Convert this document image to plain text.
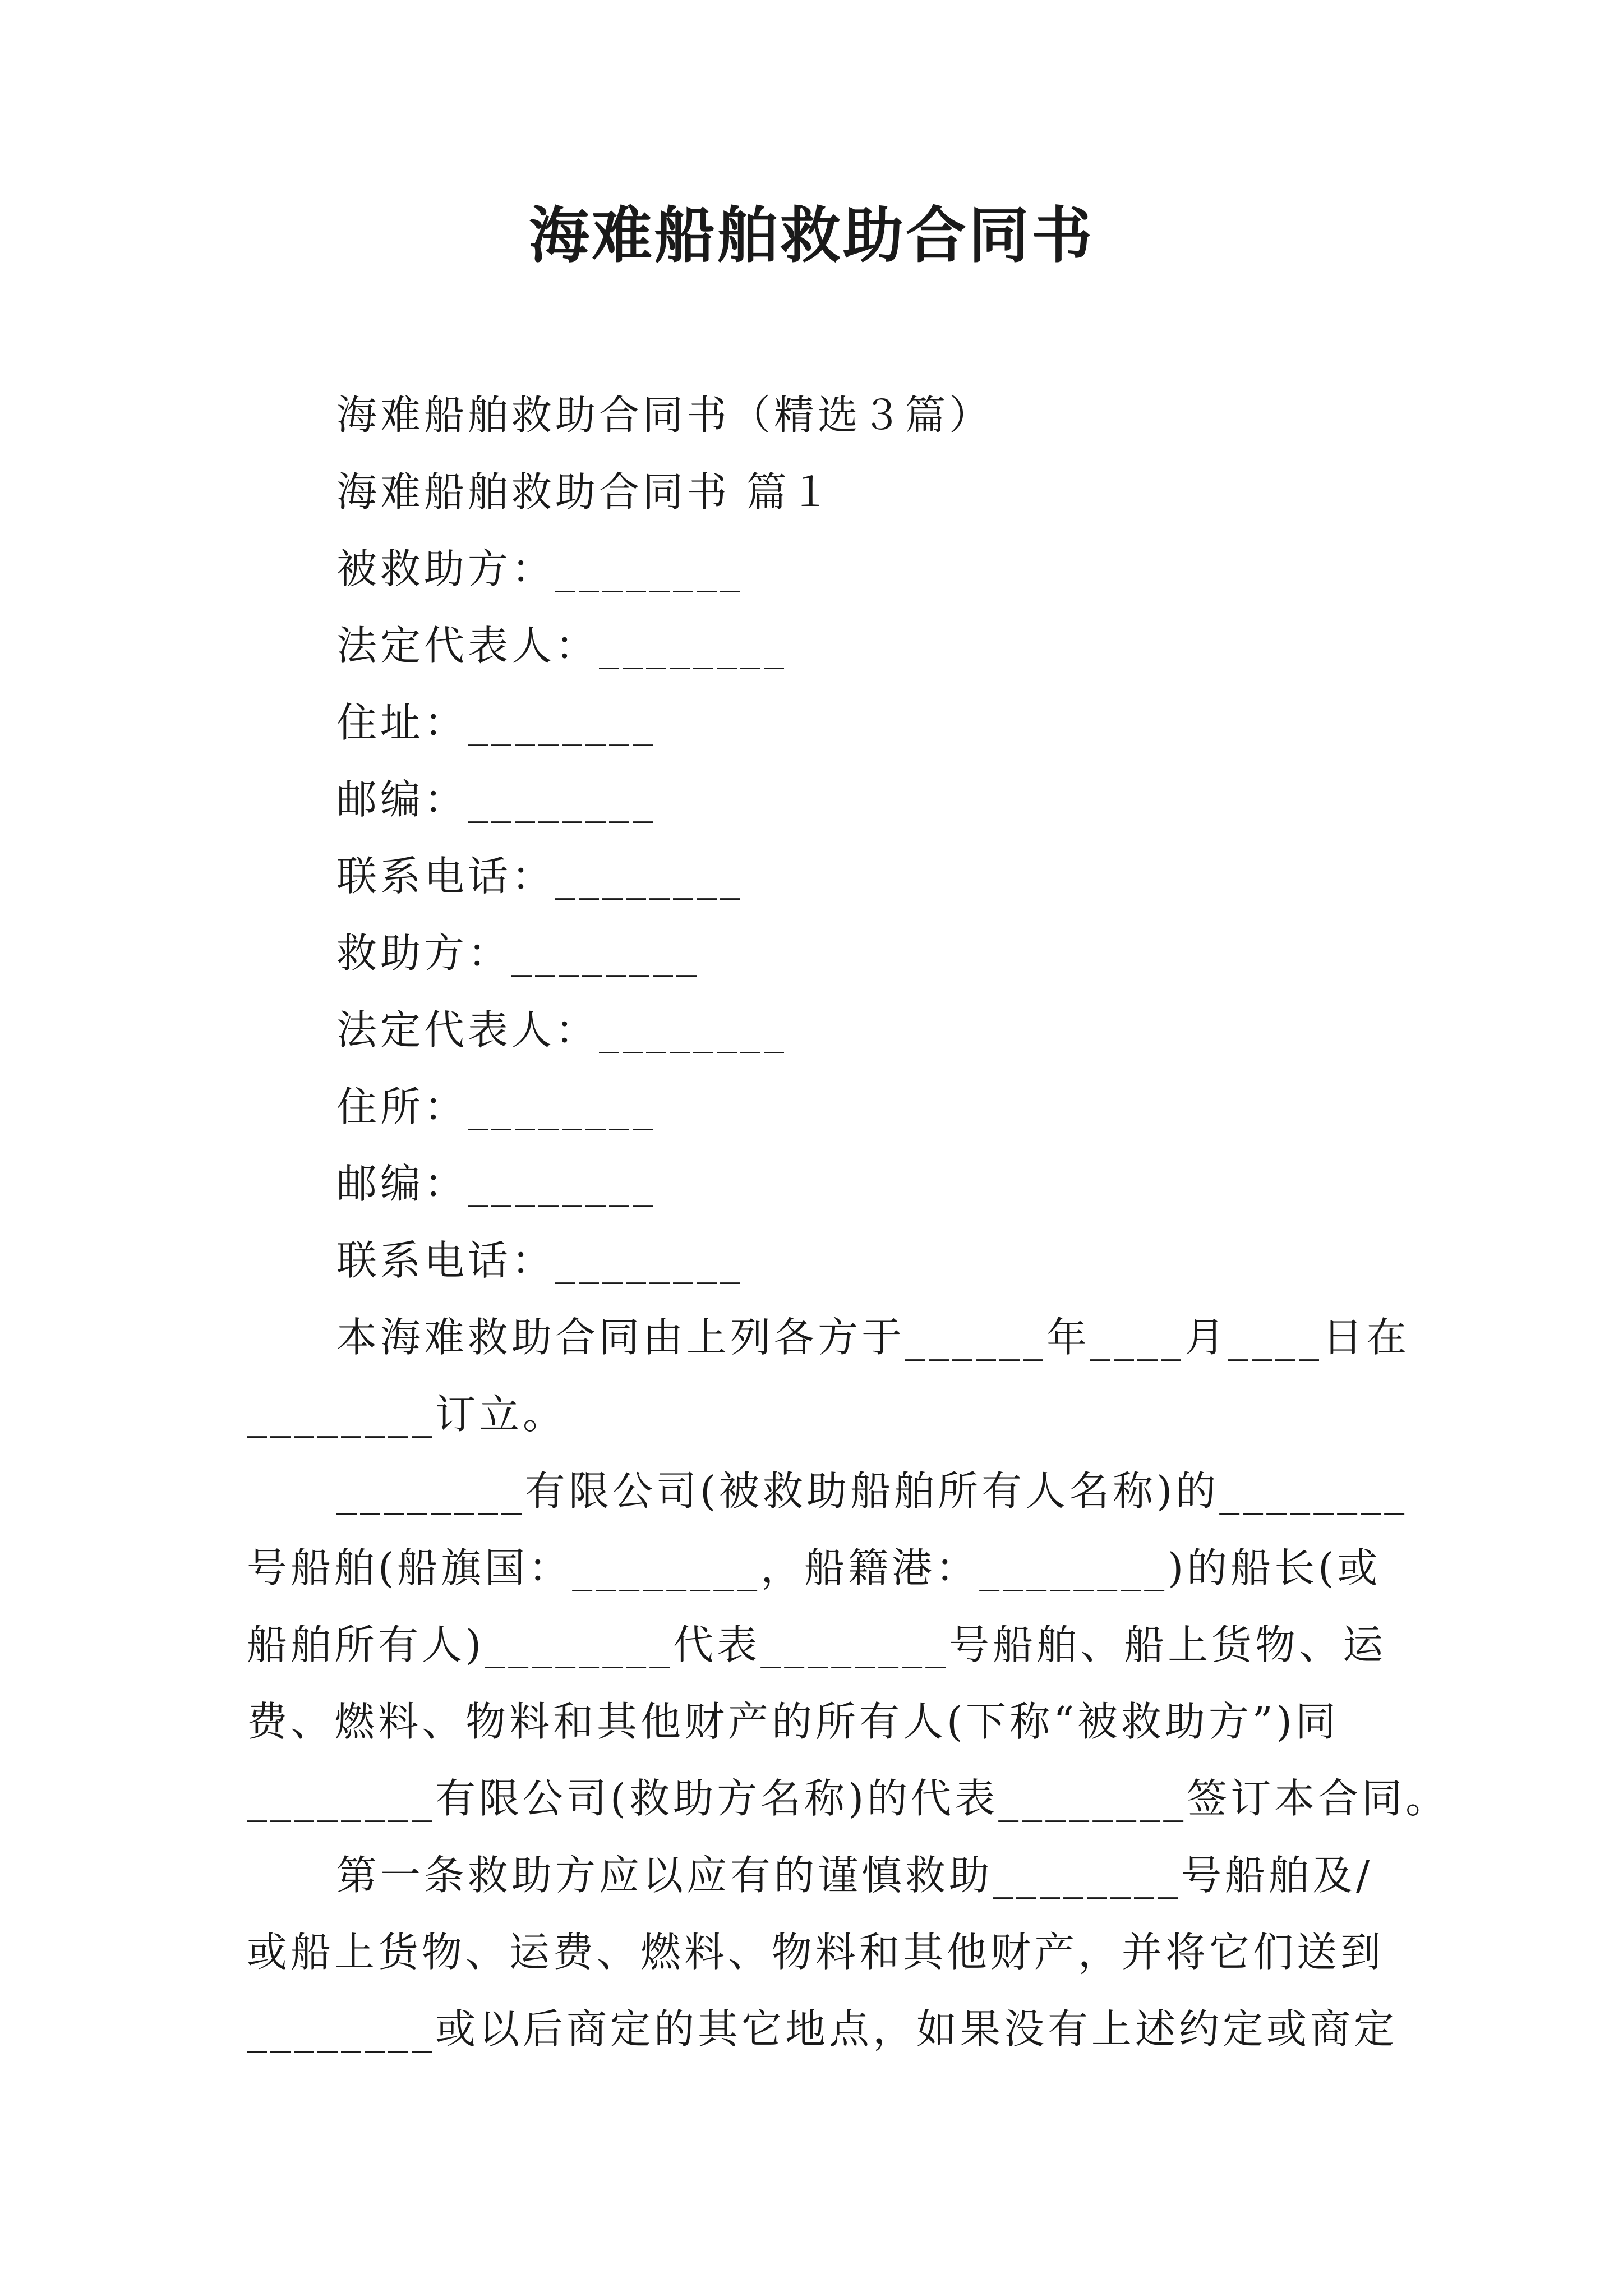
海难船舶救助合同书
海难船舶救助合同书（精选３篇）
海难船舶救助合同书 篇１
被救助方：________
法定代表人：________
住址：________
邮编：________
联系电话：________
救助方：________
法定代表人：________
住所：________
邮编：________
联系电话：________
本海难救助合同由上列各方于______年____月____日在
________订立。
________有限公司(被救助船舶所有人名称)的________
号船舶(船旗国：________，船籍港：________)的船长(或
船舶所有人)________代表________号船舶、船上货物、运
费、燃料、物料和其他财产的所有人(下称“被救助方”)同
________有限公司(救助方名称)的代表________签订本合同。
第一条救助方应以应有的谨慎救助________号船舶及/
或船上货物、运费、燃料、物料和其他财产，并将它们送到
________或以后商定的其它地点，如果没有上述约定或商定
